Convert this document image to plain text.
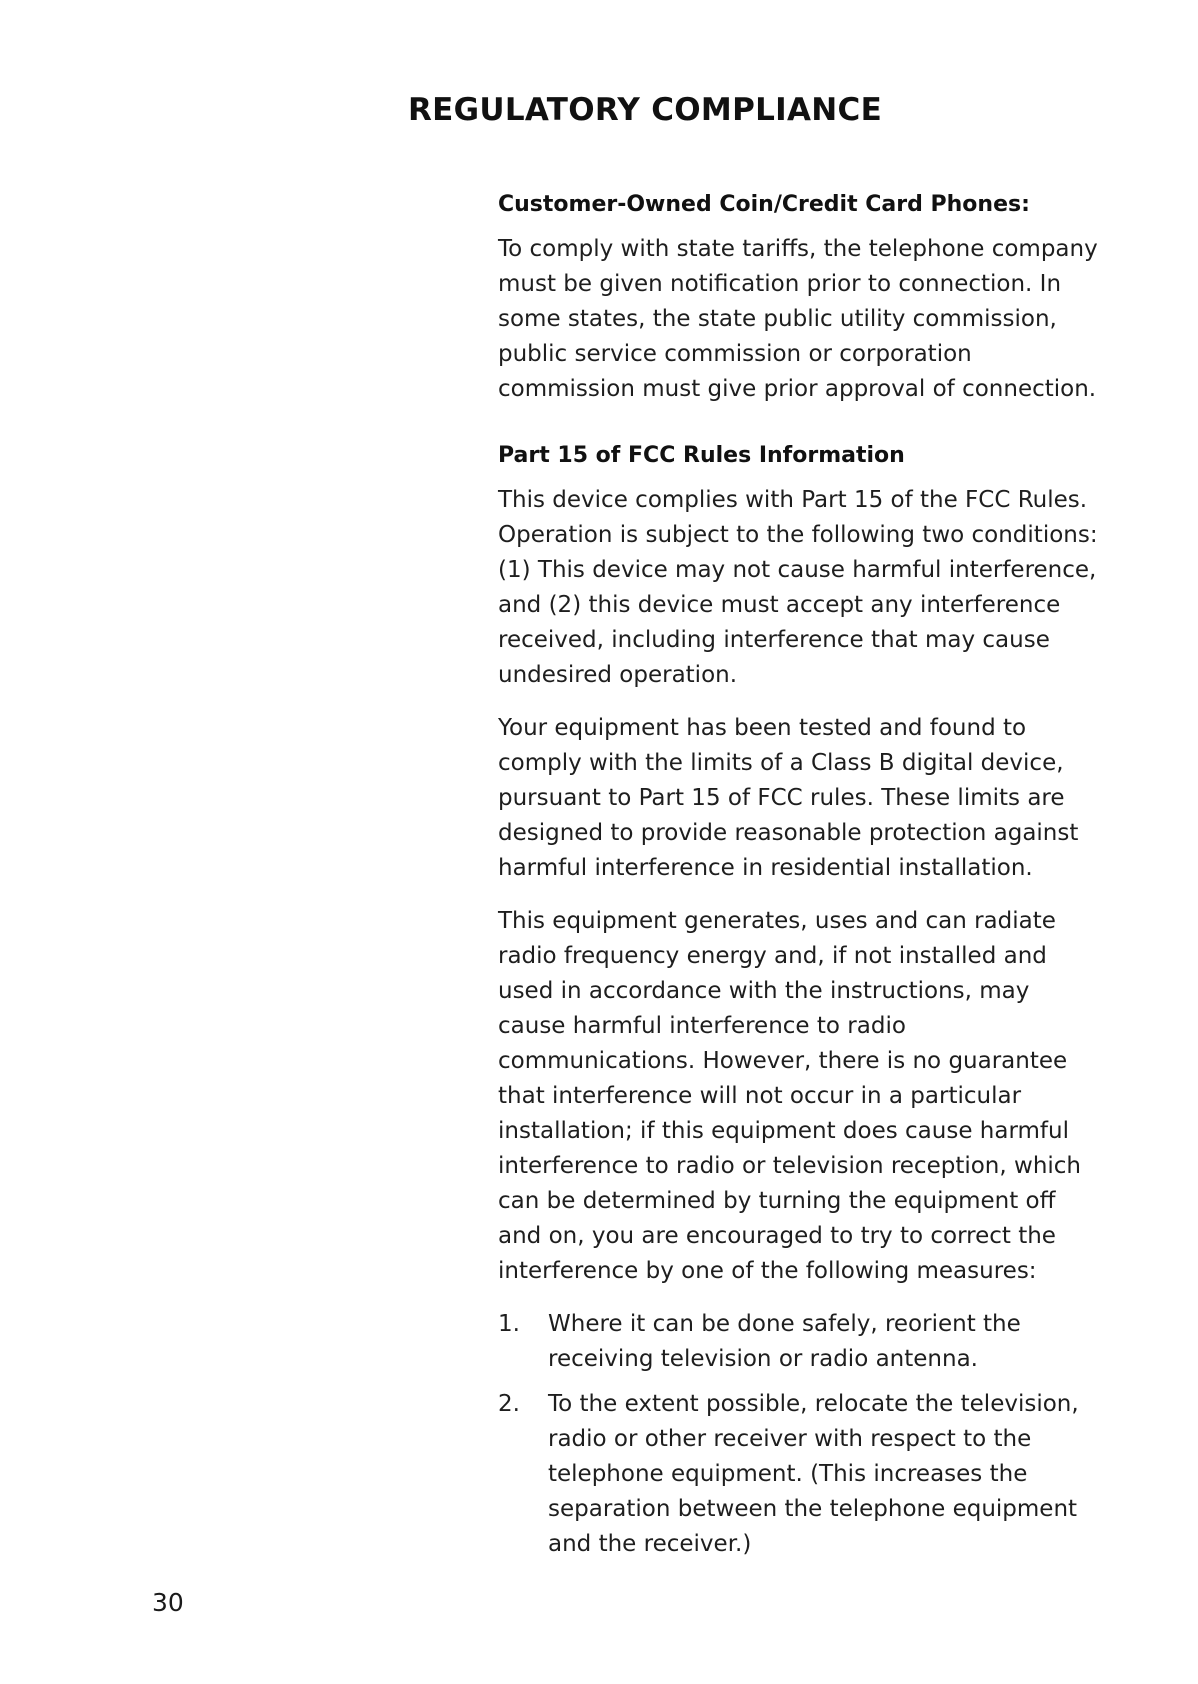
REGULATORY COMPLIANCE
Customer-Owned Coin/Credit Card Phones:

To comply with state tariffs, the telephone company must be given notification prior to connection. In some states, the state public utility commission, public service commission or corporation commission must give prior approval of connection.

Part 15 of FCC Rules Information

This device complies with Part 15 of the FCC Rules. Operation is subject to the following two conditions: (1) This device may not cause harmful interference, and (2) this device must accept any interference received, including interference that may cause undesired operation.

Your equipment has been tested and found to comply with the limits of a Class B digital device, pursuant to Part 15 of FCC rules. These limits are designed to provide reasonable protection against harmful interference in residential installation.

This equipment generates, uses and can radiate radio frequency energy and, if not installed and used in accordance with the instructions, may cause harmful interference to radio communications. However, there is no guarantee that interference will not occur in a particular installation; if this equipment does cause harmful interference to radio or television reception, which can be determined by turning the equipment off and on, you are encouraged to try to correct the interference by one of the following measures:

1.	Where it can be done safely, reorient the receiving television or radio antenna.
2.	To the extent possible, relocate the television, radio or other receiver with respect to the telephone equipment. (This increases the separation between the telephone equipment and the receiver.)

30
